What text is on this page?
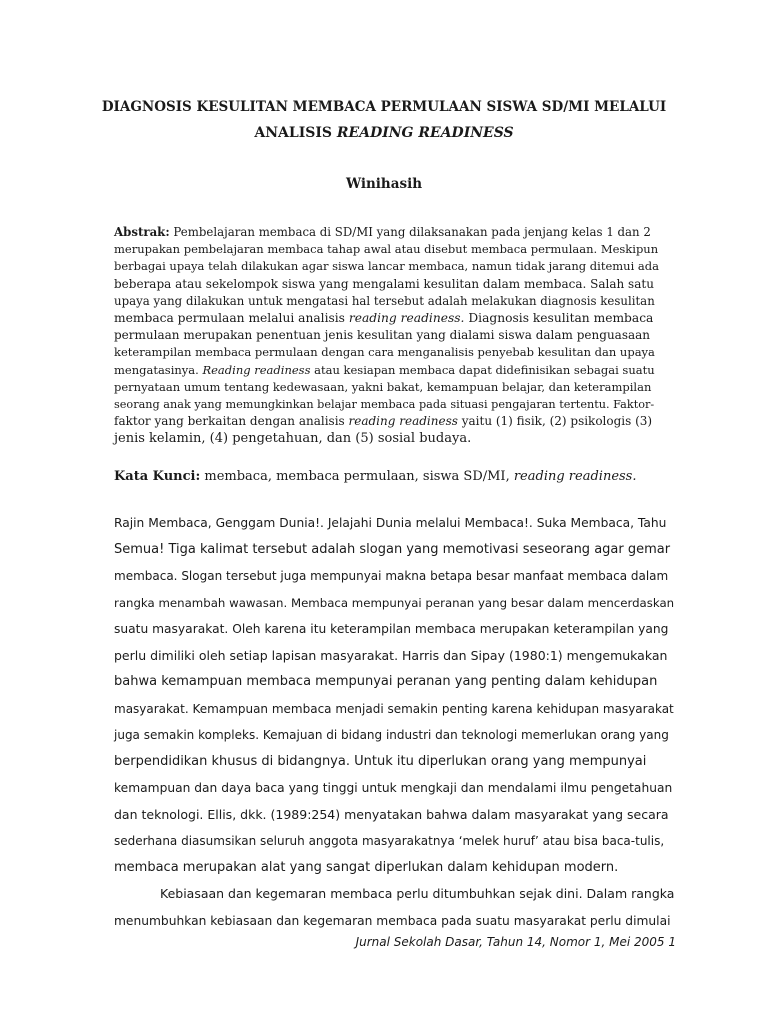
DIAGNOSIS KESULITAN MEMBACA PERMULAAN SISWA SD/MI MELALUI
ANALISIS READING READINESS
Winihasih
Abstrak: Pembelajaran membaca di SD/MI yang dilaksanakan pada jenjang kelas 1 dan 2
merupakan pembelajaran membaca tahap awal atau disebut membaca permulaan. Meskipun
berbagai upaya telah dilakukan agar siswa lancar membaca, namun tidak jarang ditemui ada
beberapa atau sekelompok siswa yang mengalami kesulitan dalam membaca. Salah satu
upaya yang dilakukan untuk mengatasi hal tersebut adalah melakukan diagnosis kesulitan
membaca permulaan melalui analisis reading readiness. Diagnosis kesulitan membaca
permulaan merupakan penentuan jenis kesulitan yang dialami siswa dalam penguasaan
keterampilan membaca permulaan dengan cara menganalisis penyebab kesulitan dan upaya
mengatasinya. Reading readiness atau kesiapan membaca dapat didefinisikan sebagai suatu
pernyataan umum tentang kedewasaan, yakni bakat, kemampuan belajar, dan keterampilan
seorang anak yang memungkinkan belajar membaca pada situasi pengajaran tertentu. Faktor-
faktor yang berkaitan dengan analisis reading readiness yaitu (1) fisik, (2) psikologis (3)
jenis kelamin, (4) pengetahuan, dan (5) sosial budaya.
Kata Kunci: membaca, membaca permulaan, siswa SD/MI, reading readiness.
Rajin Membaca, Genggam Dunia!. Jelajahi Dunia melalui Membaca!. Suka Membaca, Tahu
Semua! Tiga kalimat tersebut adalah slogan yang memotivasi seseorang agar gemar
membaca. Slogan tersebut juga mempunyai makna betapa besar manfaat membaca dalam
rangka menambah wawasan. Membaca mempunyai peranan yang besar dalam mencerdaskan
suatu masyarakat. Oleh karena itu keterampilan membaca merupakan keterampilan yang
perlu dimiliki oleh setiap lapisan masyarakat. Harris dan Sipay (1980:1) mengemukakan
bahwa kemampuan membaca mempunyai peranan yang penting dalam kehidupan
masyarakat. Kemampuan membaca menjadi semakin penting karena kehidupan masyarakat
juga semakin kompleks. Kemajuan di bidang industri dan teknologi memerlukan orang yang
berpendidikan khusus di bidangnya. Untuk itu diperlukan orang yang mempunyai
kemampuan dan daya baca yang tinggi untuk mengkaji dan mendalami ilmu pengetahuan
dan teknologi. Ellis, dkk. (1989:254) menyatakan bahwa dalam masyarakat yang secara
sederhana diasumsikan seluruh anggota masyarakatnya ‘melek huruf’ atau bisa baca-tulis,
membaca merupakan alat yang sangat diperlukan dalam kehidupan modern.
Kebiasaan dan kegemaran membaca perlu ditumbuhkan sejak dini. Dalam rangka
menumbuhkan kebiasaan dan kegemaran membaca pada suatu masyarakat perlu dimulai
Jurnal Sekolah Dasar, Tahun 14, Nomor 1, Mei 2005 1
